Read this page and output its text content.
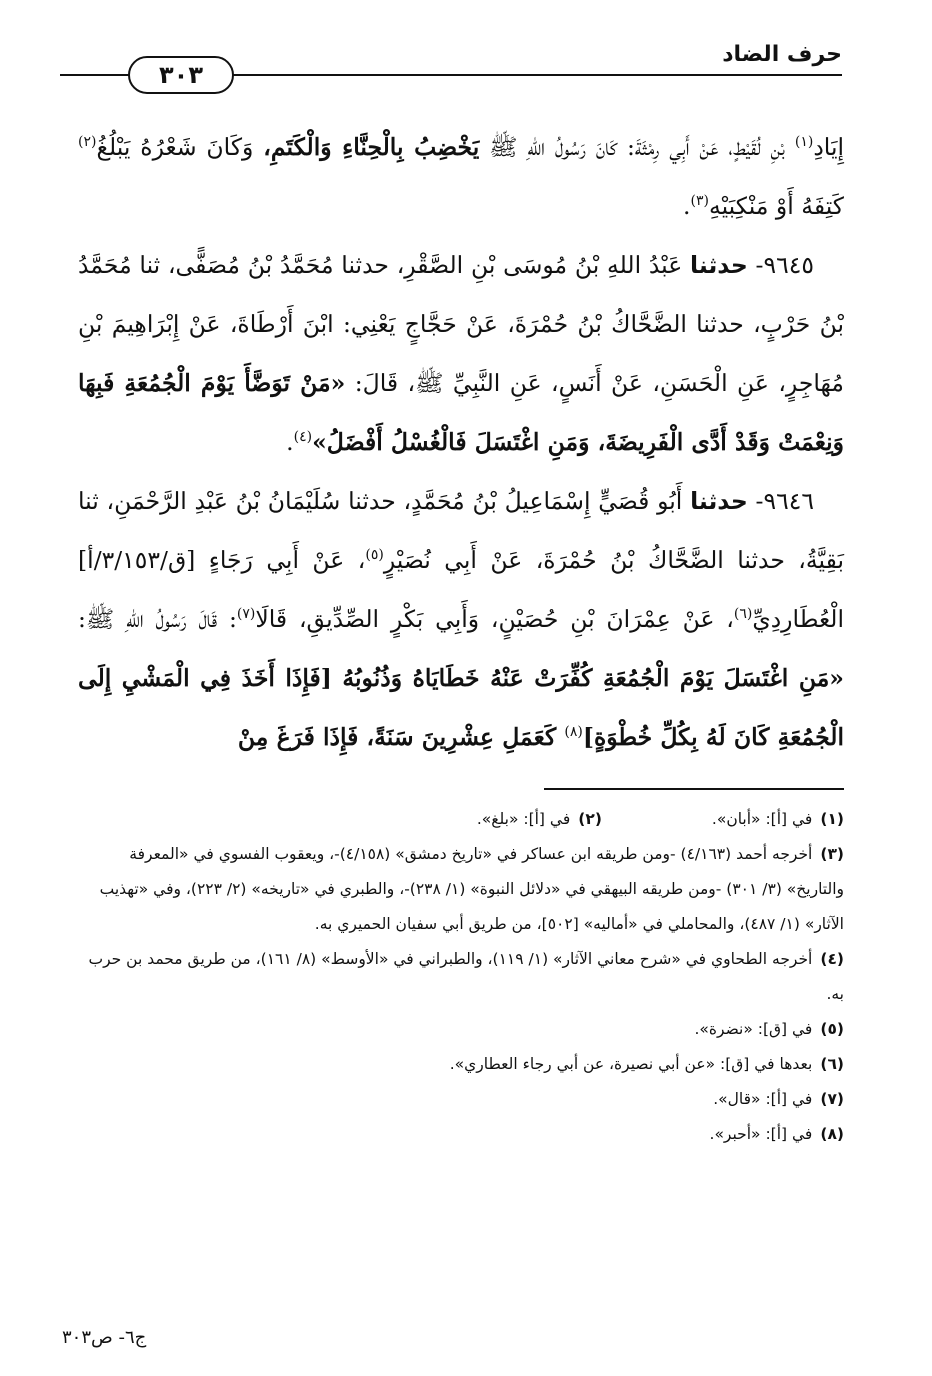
حرف الضاد
٣٠٣

إِيَادِ$^{(١)}$ بْنِ لُقَيْطٍ، عَنْ أَبِي رِمْثَةَ: كَانَ رَسُولُ اللهِ ﷺ يَخْضِبُ بِالْحِنَّاءِ وَالْكَتَمِ، وَكَانَ شَعْرُهُ يَبْلُغُ$^{(٢)}$ كَتِفَهُ أَوْ مَنْكِبَيْهِ$^{(٣)}$.

٩٦٤٥- حدثنا عَبْدُ اللهِ بْنُ مُوسَى بْنِ الصَّقْرِ، حدثنا مُحَمَّدُ بْنُ مُصَفًّى، ثنا مُحَمَّدُ بْنُ حَرْبٍ، حدثنا الضَّحَّاكُ بْنُ حُمْرَةَ، عَنْ حَجَّاجٍ يَعْنِي: ابْنَ أَرْطَاةَ، عَنْ إِبْرَاهِيمَ بْنِ مُهَاجِرٍ، عَنِ الْحَسَنِ، عَنْ أَنَسٍ، عَنِ النَّبِيِّ ﷺ، قَالَ: «مَنْ تَوَضَّأَ يَوْمَ الْجُمُعَةِ فَبِهَا وَنِعْمَتْ وَقَدْ أَدَّى الْفَرِيضَةَ، وَمَنِ اغْتَسَلَ فَالْغُسْلُ أَفْضَلُ»$^{(٤)}$.

٩٦٤٦- حدثنا أَبُو قُصَيٍّ إِسْمَاعِيلُ بْنُ مُحَمَّدٍ، حدثنا سُلَيْمَانُ بْنُ عَبْدِ الرَّحْمَنِ، ثنا بَقِيَّةُ، حدثنا الضَّحَّاكُ بْنُ حُمْرَةَ، عَنْ أَبِي نُصَيْرٍ$^{(٥)}$، عَنْ أَبِي رَجَاءٍ [ق/٣/١٥٣/أ] الْعُطَارِدِيِّ$^{(٦)}$، عَنْ عِمْرَانَ بْنِ حُصَيْنٍ، وَأَبِي بَكْرٍ الصِّدِّيقِ، قَالَا$^{(٧)}$: قَالَ رَسُولُ اللهِ ﷺ: «مَنِ اغْتَسَلَ يَوْمَ الْجُمُعَةِ كُفِّرَتْ عَنْهُ خَطَايَاهُ وَذُنُوبُهُ [فَإِذَا أَخَذَ فِي الْمَشْيِ إِلَى الْجُمُعَةِ كَانَ لَهُ بِكُلِّ خُطْوَةٍ]$^{(٨)}$ كَعَمَلِ عِشْرِينَ سَنَةً، فَإِذَا فَرَغَ مِنْ

(١)في [أ]: «أبان».

(٢)في [أ]: «بلغ».

(٣)أخرجه أحمد (٤/١٦٣) -ومن طريقه ابن عساكر في «تاريخ دمشق» (٤/١٥٨)-، ويعقوب الفسوي في «المعرفة والتاريخ» (٣/ ٣٠١) -ومن طريقه البيهقي في «دلائل النبوة» (١/ ٢٣٨)-، والطبري في «تاريخه» (٢/ ٢٢٣)، وفي «تهذيب الآثار» (١/ ٤٨٧)، والمحاملي في «أماليه» [٥٠٢]، من طريق أبي سفيان الحميري به.

(٤)أخرجه الطحاوي في «شرح معاني الآثار» (١/ ١١٩)، والطبراني في «الأوسط» (٨/ ١٦١)، من طريق محمد بن حرب به.

(٥)في [ق]: «نضرة».

(٦)بعدها في [ق]: «عن أبي نصيرة، عن أبي رجاء العطاري».

(٧)في [أ]: «قال».

(٨)في [أ]: «أحبر».

ج٦- ص٣٠٣
